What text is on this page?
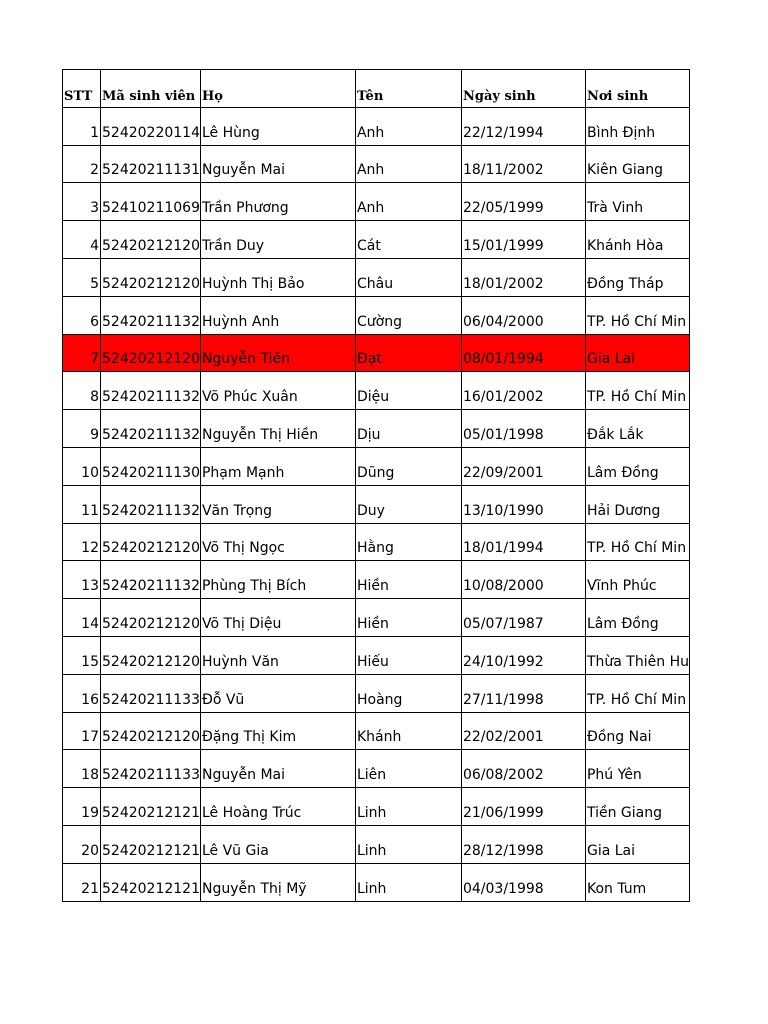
STT	Mã sinh viên	Họ	Tên	Ngày sinh	Nơi sinh
1	52420220114	Lê Hùng	Anh	22/12/1994	Bình Định
2	52420211131	Nguyễn Mai	Anh	18/11/2002	Kiên Giang
3	52410211069	Trần Phương	Anh	22/05/1999	Trà Vinh
4	52420212120	Trần Duy	Cát	15/01/1999	Khánh Hòa
5	52420212120	Huỳnh Thị Bảo	Châu	18/01/2002	Đồng Tháp
6	52420211132	Huỳnh Anh	Cường	06/04/2000	TP. Hồ Chí Min
7	52420212120	Nguyễn Tiến	Đạt	08/01/1994	Gia Lai
8	52420211132	Võ Phúc Xuân	Diệu	16/01/2002	TP. Hồ Chí Min
9	52420211132	Nguyễn Thị Hiền	Dịu	05/01/1998	Đắk Lắk
10	52420211130	Phạm Mạnh	Dũng	22/09/2001	Lâm Đồng
11	52420211132	Văn Trọng	Duy	13/10/1990	Hải Dương
12	52420212120	Võ Thị Ngọc	Hằng	18/01/1994	TP. Hồ Chí Min
13	52420211132	Phùng Thị Bích	Hiền	10/08/2000	Vĩnh Phúc
14	52420212120	Võ Thị Diệu	Hiền	05/07/1987	Lâm Đồng
15	52420212120	Huỳnh Văn	Hiếu	24/10/1992	Thừa Thiên Hu
16	52420211133	Đỗ Vũ	Hoàng	27/11/1998	TP. Hồ Chí Min
17	52420212120	Đặng Thị Kim	Khánh	22/02/2001	Đồng Nai
18	52420211133	Nguyễn Mai	Liên	06/08/2002	Phú Yên
19	52420212121	Lê Hoàng Trúc	Linh	21/06/1999	Tiền Giang
20	52420212121	Lê Vũ Gia	Linh	28/12/1998	Gia Lai
21	52420212121	Nguyễn Thị Mỹ	Linh	04/03/1998	Kon Tum
